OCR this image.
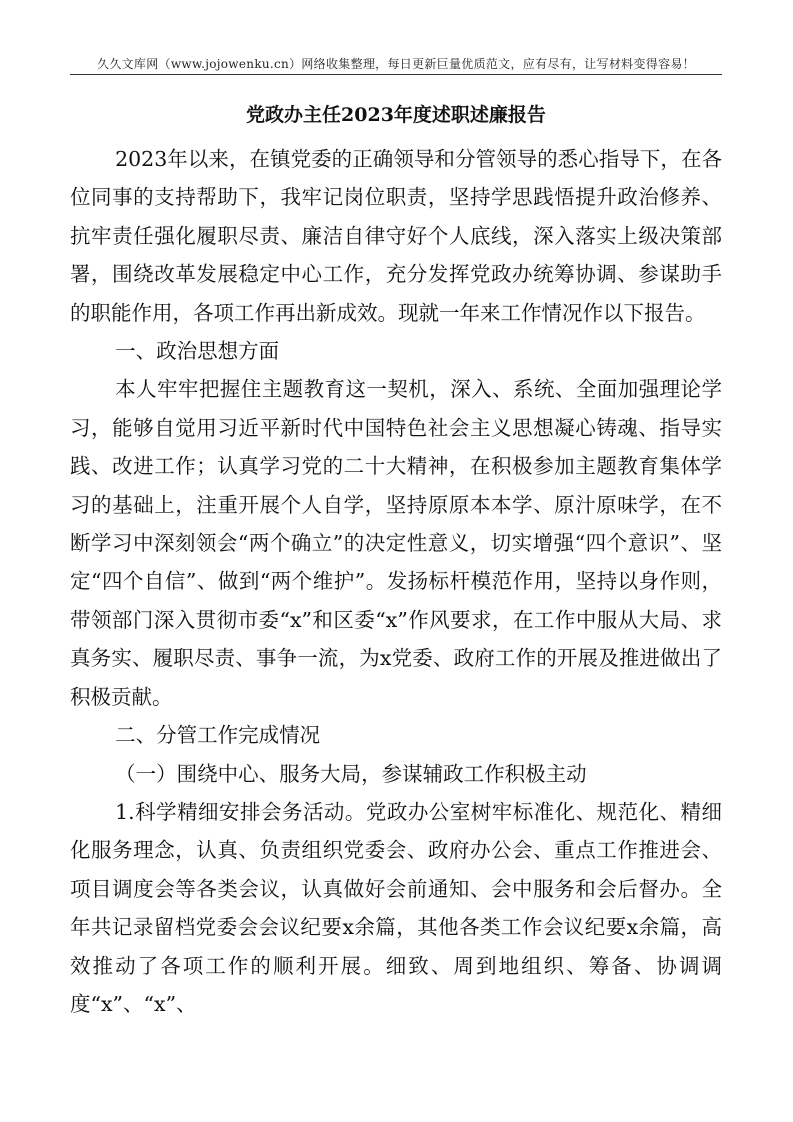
久久文库网（www.jojowenku.cn）网络收集整理，每日更新巨量优质范文，应有尽有，让写材料变得容易！
党政办主任2023年度述职述廉报告

2023年以来，在镇党委的正确领导和分管领导的悉心指导下，在各位同事的支持帮助下，我牢记岗位职责，坚持学思践悟提升政治修养、抗牢责任强化履职尽责、廉洁自律守好个人底线，深入落实上级决策部署，围绕改革发展稳定中心工作，充分发挥党政办统筹协调、参谋助手的职能作用，各项工作再出新成效。现就一年来工作情况作以下报告。

一、政治思想方面

本人牢牢把握住主题教育这一契机，深入、系统、全面加强理论学习，能够自觉用习近平新时代中国特色社会主义思想凝心铸魂、指导实践、改进工作；认真学习党的二十大精神，在积极参加主题教育集体学习的基础上，注重开展个人自学，坚持原原本本学、原汁原味学，在不断学习中深刻领会“两个确立”的决定性意义，切实增强“四个意识”、坚定“四个自信”、做到“两个维护”。发扬标杆模范作用，坚持以身作则，带领部门深入贯彻市委“x”和区委“x”作风要求，在工作中服从大局、求真务实、履职尽责、事争一流，为x党委、政府工作的开展及推进做出了积极贡献。

二、分管工作完成情况

（一）围绕中心、服务大局，参谋辅政工作积极主动

1.科学精细安排会务活动。党政办公室树牢标准化、规范化、精细化服务理念，认真、负责组织党委会、政府办公会、重点工作推进会、项目调度会等各类会议，认真做好会前通知、会中服务和会后督办。全年共记录留档党委会会议纪要x余篇，其他各类工作会议纪要x余篇，高效推动了各项工作的顺利开展。细致、周到地组织、筹备、协调调度“x”、“x”、
